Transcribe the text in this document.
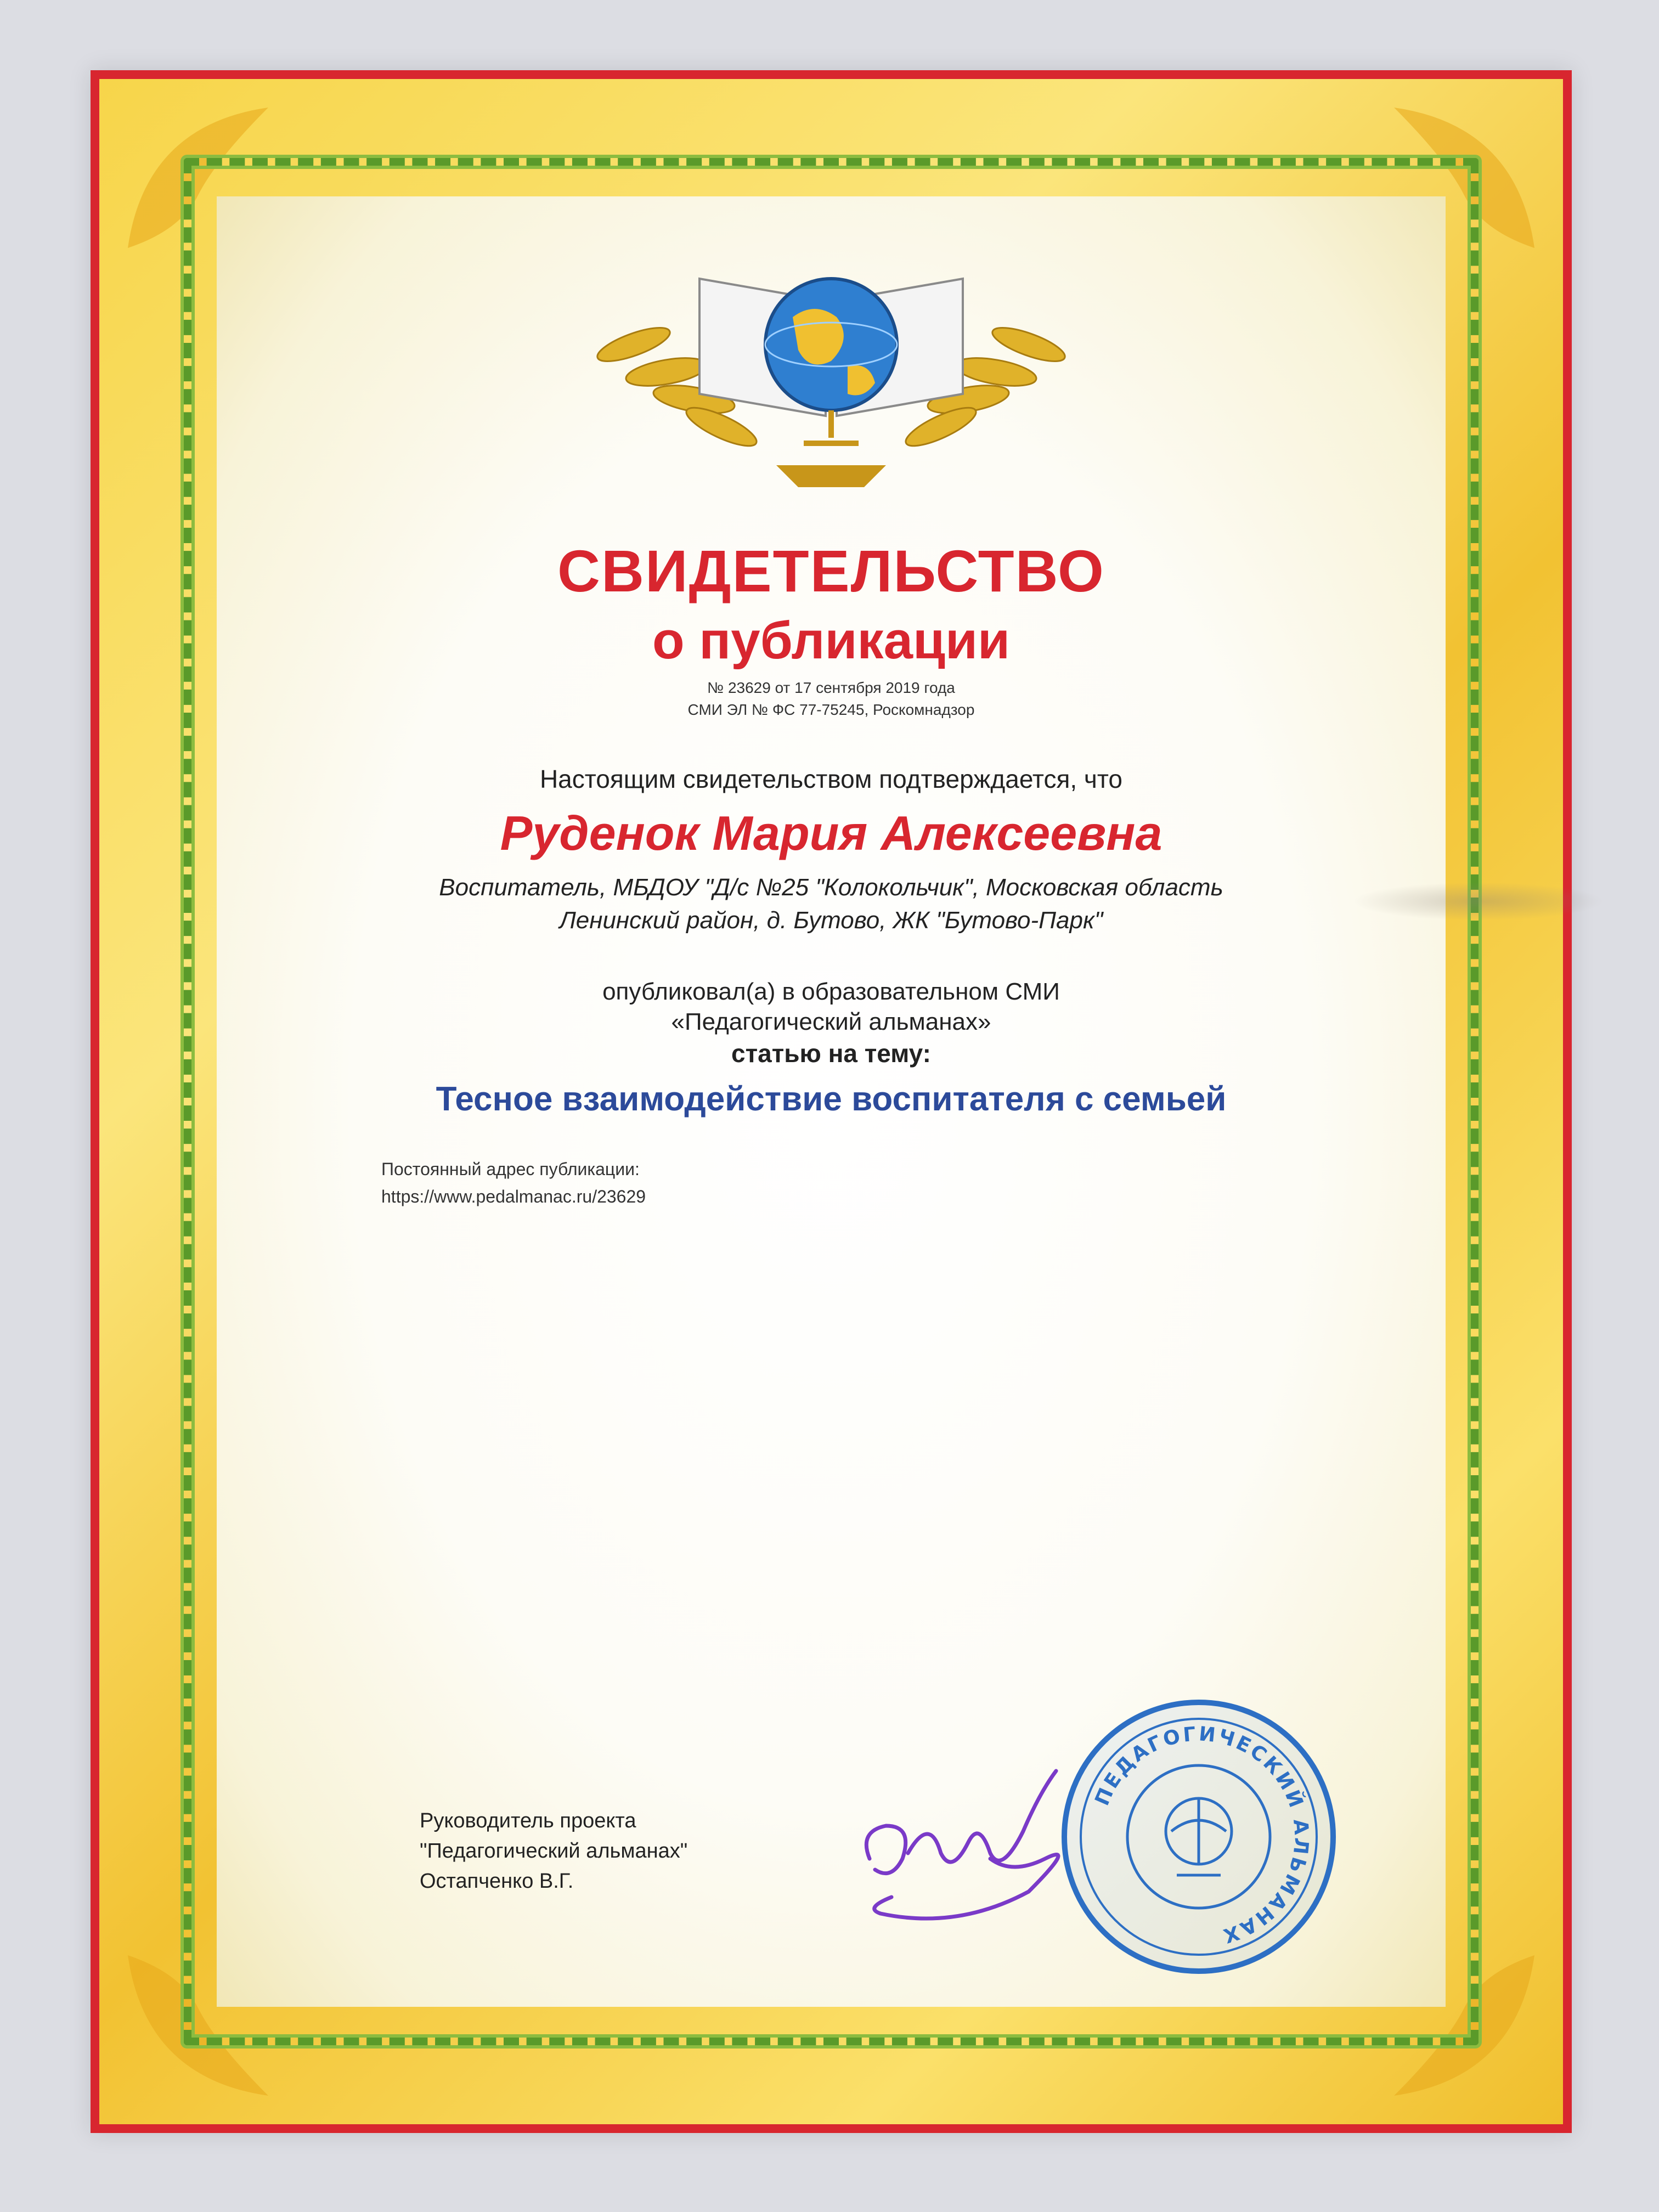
СВИДЕТЕЛЬСТВО
о публикации
№ 23629 от 17 сентября 2019 года
СМИ ЭЛ № ФС 77-75245, Роскомнадзор
Настоящим свидетельством подтверждается, что
Руденок Мария Алексеевна
Воспитатель, МБДОУ "Д/с №25 "Колокольчик", Московская область
Ленинский район, д. Бутово, ЖК "Бутово-Парк"
опубликовал(а) в образовательном СМИ
«Педагогический альманах»
статью на тему:
Тесное взаимодействие воспитателя с семьей
Постоянный адрес публикации:
https://www.pedalmanac.ru/23629
Руководитель проекта
"Педагогический альманах"
Остапченко В.Г.
ПЕДАГОГИЧЕСКИЙ АЛЬМАНАХ
